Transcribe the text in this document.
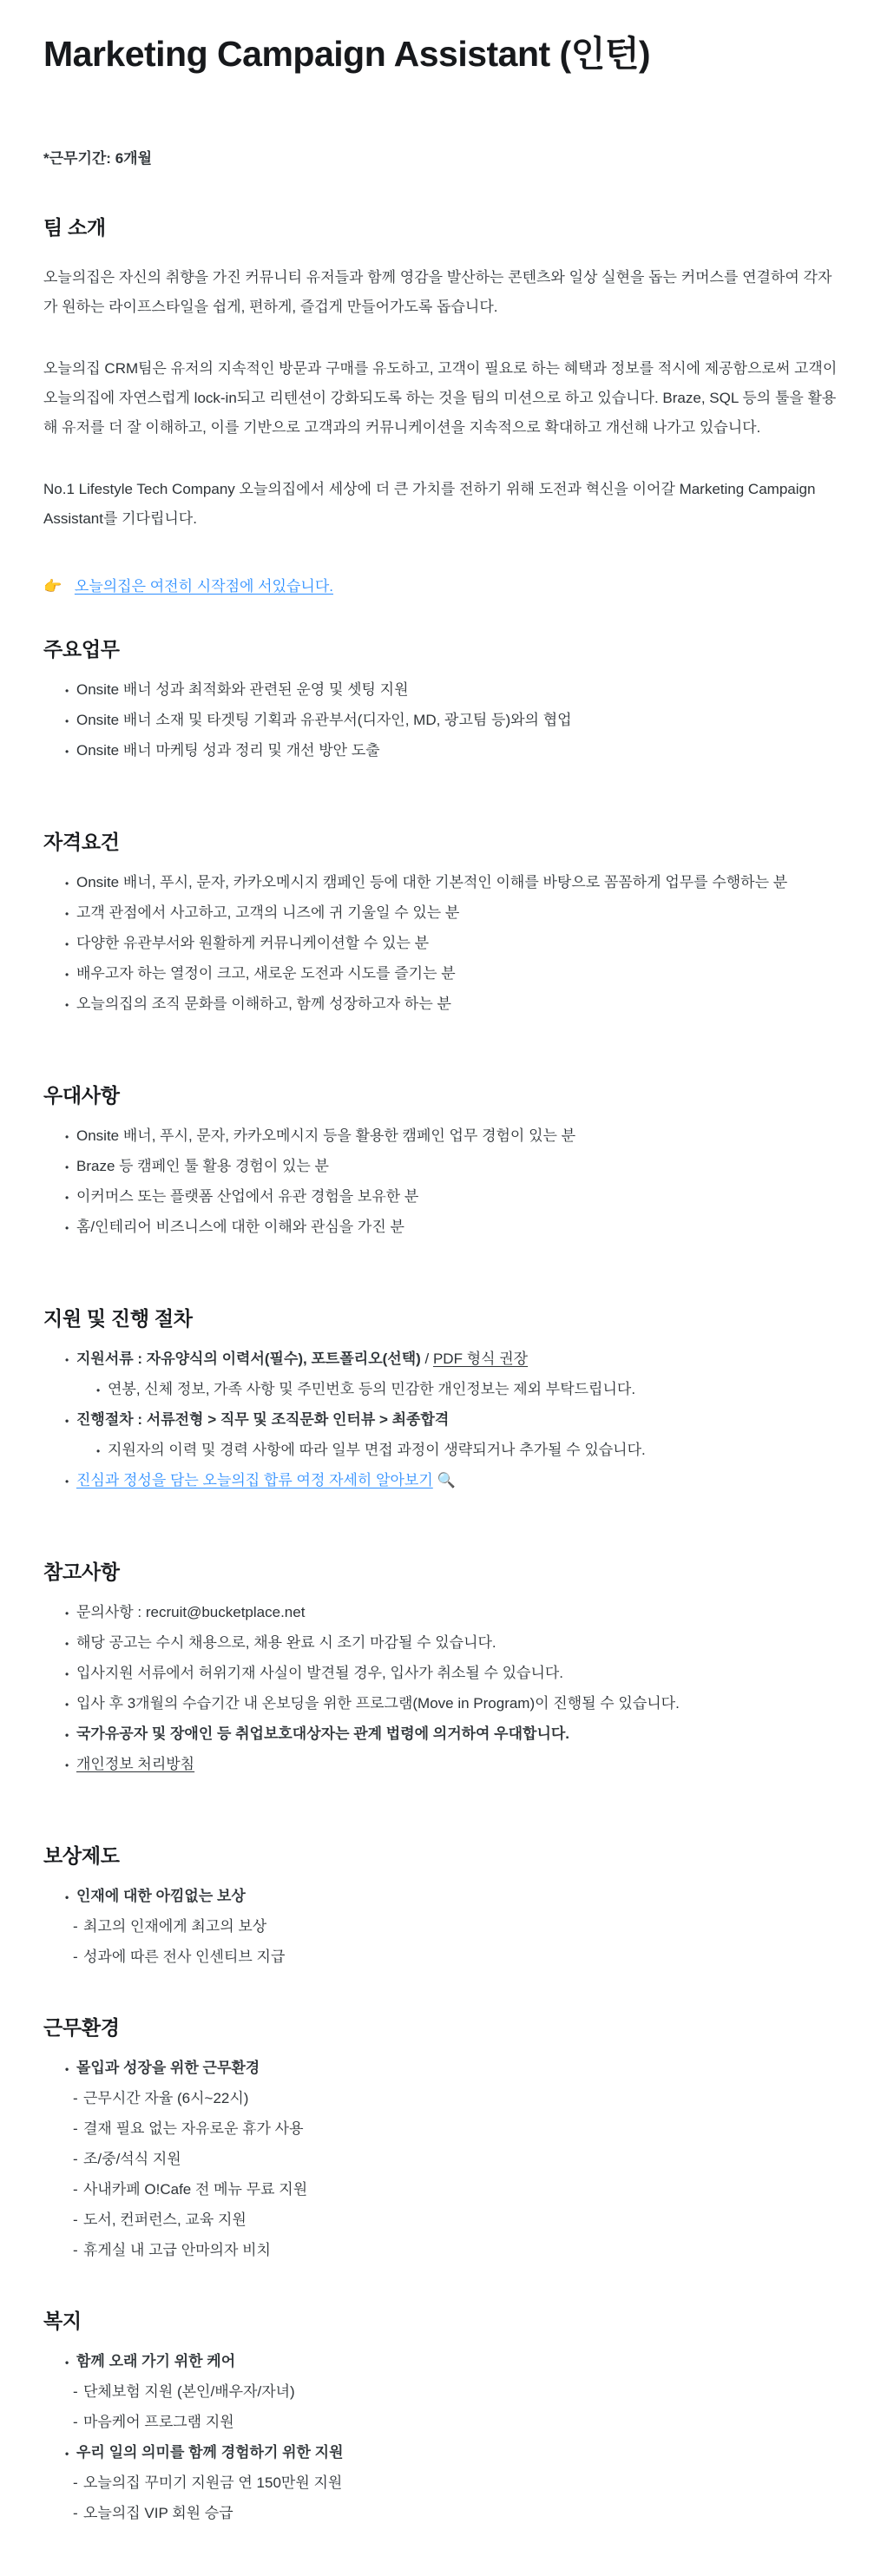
Marketing Campaign Assistant (인턴)
*근무기간: 6개월
팀 소개

오늘의집은 자신의 취향을 가진 커뮤니티 유저들과 함께 영감을 발산하는 콘텐츠와 일상 실현을 돕는 커머스를 연결하여 각자가 원하는 라이프스타일을 쉽게, 편하게, 즐겁게 만들어가도록 돕습니다.

오늘의집 CRM팀은 유저의 지속적인 방문과 구매를 유도하고, 고객이 필요로 하는 혜택과 정보를 적시에 제공함으로써 고객이 오늘의집에 자연스럽게 lock-in되고 리텐션이 강화되도록 하는 것을 팀의 미션으로 하고 있습니다. Braze, SQL 등의 툴을 활용해 유저를 더 잘 이해하고, 이를 기반으로 고객과의 커뮤니케이션을 지속적으로 확대하고 개선해 나가고 있습니다.

No.1 Lifestyle Tech Company 오늘의집에서 세상에 더 큰 가치를 전하기 위해 도전과 혁신을 이어갈 Marketing Campaign Assistant를 기다립니다.

👉 오늘의집은 여전히 시작점에 서있습니다.
주요업무
• Onsite 배너 성과 최적화와 관련된 운영 및 셋팅 지원
• Onsite 배너 소재 및 타겟팅 기획과 유관부서(디자인, MD, 광고팀 등)와의 협업
• Onsite 배너 마케팅 성과 정리 및 개선 방안 도출
자격요건
• Onsite 배너, 푸시, 문자, 카카오메시지 캠페인 등에 대한 기본적인 이해를 바탕으로 꼼꼼하게 업무를 수행하는 분
• 고객 관점에서 사고하고, 고객의 니즈에 귀 기울일 수 있는 분
• 다양한 유관부서와 원활하게 커뮤니케이션할 수 있는 분
• 배우고자 하는 열정이 크고, 새로운 도전과 시도를 즐기는 분
• 오늘의집의 조직 문화를 이해하고, 함께 성장하고자 하는 분
우대사항
• Onsite 배너, 푸시, 문자, 카카오메시지 등을 활용한 캠페인 업무 경험이 있는 분
• Braze 등 캠페인 툴 활용 경험이 있는 분
• 이커머스 또는 플랫폼 산업에서 유관 경험을 보유한 분
• 홈/인테리어 비즈니스에 대한 이해와 관심을 가진 분
지원 및 진행 절차
• 지원서류 : 자유양식의 이력서(필수), 포트폴리오(선택) / PDF 형식 권장
• 연봉, 신체 정보, 가족 사항 및 주민번호 등의 민감한 개인정보는 제외 부탁드립니다.
• 진행절차 : 서류전형 > 직무 및 조직문화 인터뷰 > 최종합격
• 지원자의 이력 및 경력 사항에 따라 일부 면접 과정이 생략되거나 추가될 수 있습니다.
• 진심과 정성을 담는 오늘의집 합류 여정 자세히 알아보기 🔍
참고사항
• 문의사항 : recruit@bucketplace.net
• 해당 공고는 수시 채용으로, 채용 완료 시 조기 마감될 수 있습니다.
• 입사지원 서류에서 허위기재 사실이 발견될 경우, 입사가 취소될 수 있습니다.
• 입사 후 3개월의 수습기간 내 온보딩을 위한 프로그램(Move in Program)이 진행될 수 있습니다.
• 국가유공자 및 장애인 등 취업보호대상자는 관계 법령에 의거하여 우대합니다.
• 개인정보 처리방침
보상제도
• 인재에 대한 아낌없는 보상
- 최고의 인재에게 최고의 보상
- 성과에 따른 전사 인센티브 지급
근무환경
• 몰입과 성장을 위한 근무환경
- 근무시간 자율 (6시~22시)
- 결재 필요 없는 자유로운 휴가 사용
- 조/중/석식 지원
- 사내카페 O!Cafe 전 메뉴 무료 지원
- 도서, 컨퍼런스, 교육 지원
- 휴게실 내 고급 안마의자 비치
복지
• 함께 오래 가기 위한 케어
- 단체보험 지원 (본인/배우자/자녀)
- 마음케어 프로그램 지원
• 우리 일의 의미를 함께 경험하기 위한 지원
- 오늘의집 꾸미기 지원금 연 150만원 지원
- 오늘의집 VIP 회원 승급
